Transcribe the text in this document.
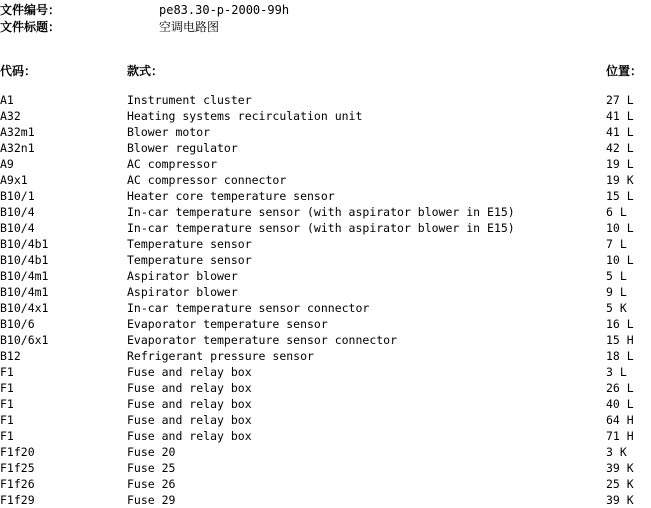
文件编号：	pe83.30-p-2000-99h
文件标题：	空调电路图
代码：	款式：	位置：
A1	Instrument cluster	27 L
A32	Heating systems recirculation unit	41 L
A32m1	Blower motor	41 L
A32n1	Blower regulator	42 L
A9	AC compressor	19 L
A9x1	AC compressor connector	19 K
B10/1	Heater core temperature sensor	15 L
B10/4	In-car temperature sensor (with aspirator blower in E15)	6 L
B10/4	In-car temperature sensor (with aspirator blower in E15)	10 L
B10/4b1	Temperature sensor	7 L
B10/4b1	Temperature sensor	10 L
B10/4m1	Aspirator blower	5 L
B10/4m1	Aspirator blower	9 L
B10/4x1	In-car temperature sensor connector	5 K
B10/6	Evaporator temperature sensor	16 L
B10/6x1	Evaporator temperature sensor connector	15 H
B12	Refrigerant pressure sensor	18 L
F1	Fuse and relay box	3 L
F1	Fuse and relay box	26 L
F1	Fuse and relay box	40 L
F1	Fuse and relay box	64 H
F1	Fuse and relay box	71 H
F1f20	Fuse 20	3 K
F1f25	Fuse 25	39 K
F1f26	Fuse 26	25 K
F1f29	Fuse 29	39 K
